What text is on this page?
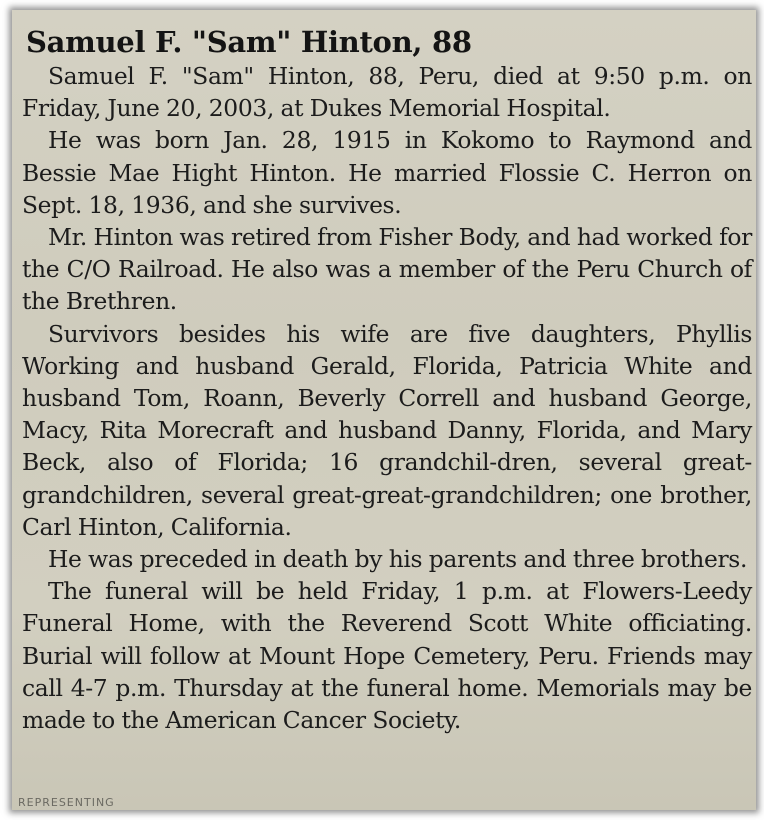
Samuel F. "Sam" Hinton, 88

Samuel F. "Sam" Hinton, 88, Peru, died at 9:50 p.m. on Friday, June 20, 2003, at Dukes Memorial Hospital.

He was born Jan. 28, 1915 in Kokomo to Raymond and Bessie Mae Hight Hinton. He married Flossie C. Herron on Sept. 18, 1936, and she survives.

Mr. Hinton was retired from Fisher Body, and had worked for the C/O Railroad. He also was a member of the Peru Church of the Brethren.

Survivors besides his wife are five daughters, Phyllis Working and husband Gerald, Florida, Patricia White and husband Tom, Roann, Beverly Correll and husband George, Macy, Rita Morecraft and husband Danny, Florida, and Mary Beck, also of Florida; 16 grandchil-dren, several great-grandchildren, several great-great-grandchildren; one brother, Carl Hinton, California.

He was preceded in death by his parents and three brothers.

The funeral will be held Friday, 1 p.m. at Flowers-Leedy Funeral Home, with the Reverend Scott White officiating. Burial will follow at Mount Hope Cemetery, Peru. Friends may call 4-7 p.m. Thursday at the funeral home. Memorials may be made to the American Cancer Society.

REPRESENTING
